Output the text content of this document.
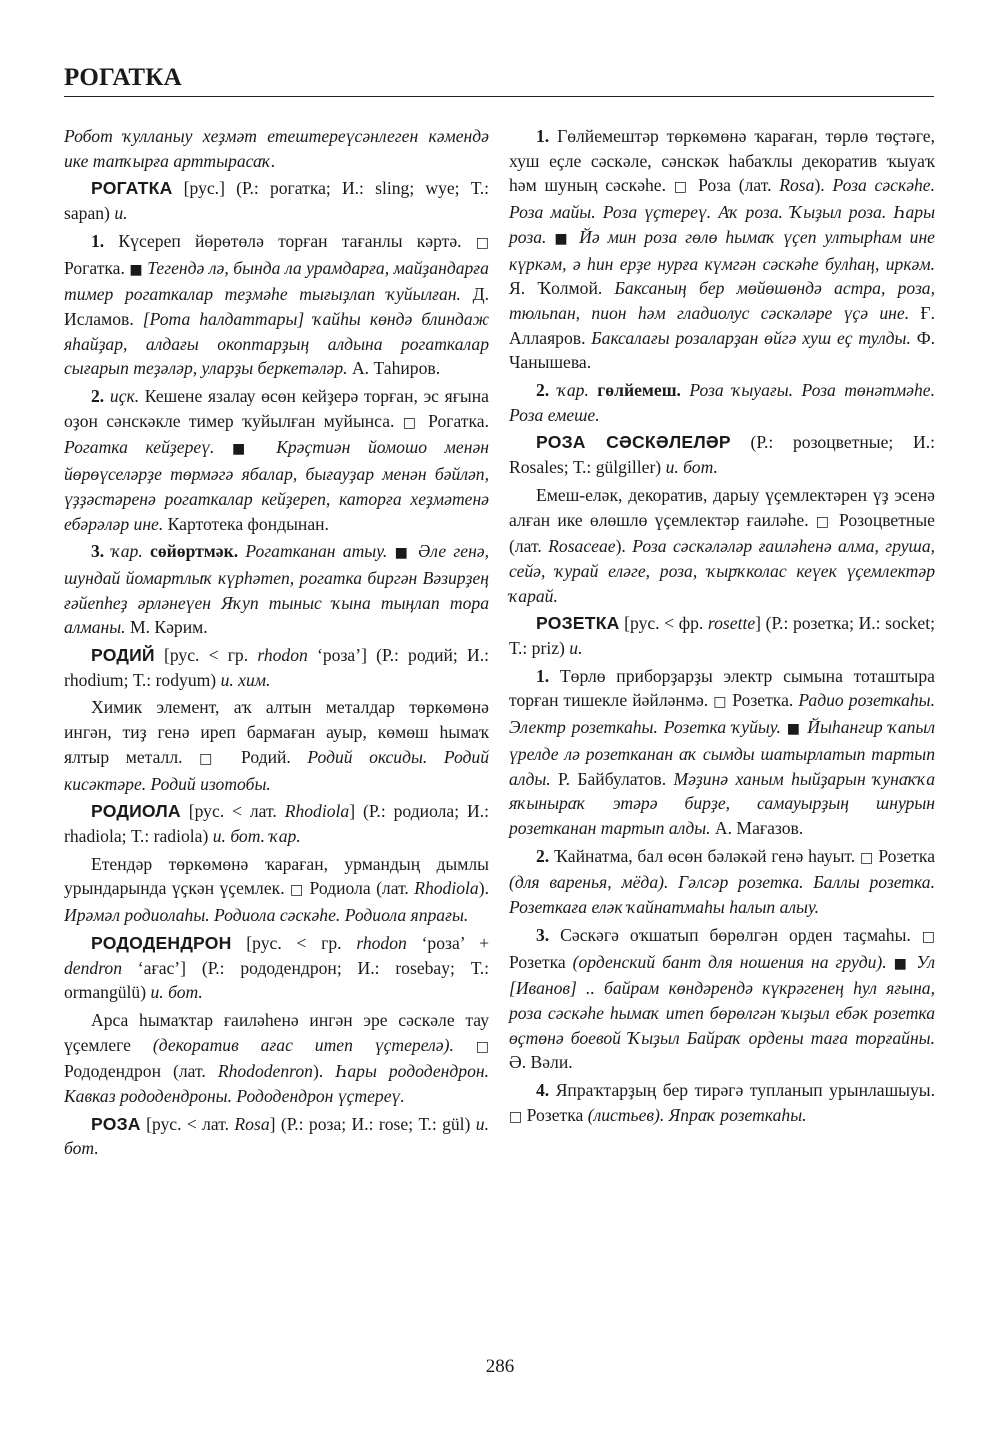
РОГАТКА

Робот ҡулланыу хеҙмәт етештереүсәнлеген кәмендә ике тапҡырға арттырасаҡ.

РОГАТКА [рус.] (Р.: рогатка; И.: sling; wye; Т.: sapan) и.

1. Күсереп йөрөтөлә торған тағанлы кәртә. □ Рогатка. ■ Тегендә лә, бында ла урамдарға, майҙандарға тимер рогаткалар теҙмәһе тығыҙлап ҡуйылған. Д. Исламов. [Рота һалдаттары] ҡайһы көндә блиндаж яһайҙар, алдағы окоптарҙың алдына рогаткалар сығарып теҙәләр, уларҙы беркетәләр. А. Таһиров.

2. иҫк. Кешене язалау өсөн кейҙерә торған, эс яғына оҙон сәнскәкле тимер ҡуйылған муйынса. □ Рогатка. Рогатка кейҙереү. ■ Крәҫтиән йомошо менән йөрөүселәрҙе төрмәгә ябалар, бығауҙар менән бәйләп, үҙҙәстәренә рогаткалар кейҙереп, каторға хеҙмәтенә ебәрәләр ине. Картотека фондынан.

3. ҡар. сөйөртмәк. Рогатканан атыу. ■ Әле генә, шундай йомартлыҡ күрһәтеп, рогатка биргән Вәзирҙең ғәйепһеҙ әрләнеүен Яҡуп тыныс ҡына тыңлап тора алманы. М. Кәрим.

РОДИЙ [рус. < гр. rhodon ‘роза’] (Р.: родий; И.: rhodium; Т.: rodyum) и. хим.

Химик элемент, аҡ алтын металдар төркөмөнә ингән, тиҙ генә иреп бармаған ауыр, көмөш һымаҡ ялтыр металл. □ Родий. Родий оксиды. Родий кисәктәре. Родий изотобы.

РОДИОЛА [рус. < лат. Rhodiola] (Р.: родиола; И.: rhadiola; Т.: radiola) и. бот. ҡар.

Етендәр төркөмөнә ҡараған, урмандың дымлы урындарында үҫкән үҫемлек. □ Родиола (лат. Rhodiola). Ирәмәл родиолаһы. Родиола сәскәһе. Родиола япрағы.

РОДОДЕНДРОН [рус. < гр. rhodon ‘роза’ + dendron ‘ағас’] (Р.: рододендрон; И.: rosebay; Т.: ormangülü) и. бот.

Арса һымаҡтар ғаиләһенә ингән эре сәскәле тау үҫемлеге (декоратив ағас итеп үҫтерелә). □ Рододендрон (лат. Rhododenron). Һары рододендрон. Кавказ рододендроны. Рододендрон үҫтереү.

РОЗА [рус. < лат. Rosa] (Р.: роза; И.: rose; Т.: gül) и. бот.

1. Гөлйемештәр төркөмөнә ҡараған, төрлө төҫтәге, хуш еҫле сәскәле, сәнскәк һабаҡлы декоратив ҡыуаҡ һәм шуның сәскәһе. □ Роза (лат. Rosa). Роза сәскәһе. Роза майы. Роза үҫтереү. Аҡ роза. Ҡыҙыл роза. Һары роза. ■ Йә мин роза гөлө һымаҡ үҫеп ултырһам ине күркәм, ә һин ерҙе нурға күмгән сәскәһе булһаң, иркәм. Я. Ҡолмой. Баксаның бер мөйөшөндә астра, роза, тюльпан, пион һәм гладиолус сәскәләре үҫә ине. Ғ. Аллаяров. Баксалағы розаларҙан өйгә хуш еҫ тулды. Ф. Чанышева.

2. ҡар. гөлйемеш. Роза ҡыуағы. Роза төнәтмәһе. Роза емеше.

РОЗА СӘСКӘЛЕЛӘР (Р.: розоцветные; И.: Rosales; Т.: gülgiller) и. бот.

Емеш-еләк, декоратив, дарыу үҫемлектәрен үҙ эсенә алған ике өлөшлө үҫемлектәр ғаиләһе. □ Розоцветные (лат. Rosaceae). Роза сәскәләләр ғаиләһенә алма, груша, сейә, ҡурай еләге, роза, ҡырҡколас кеүек үҫемлектәр ҡарай.

РОЗЕТКА [рус. < фр. rosette] (Р.: розетка; И.: socket; Т.: priz) и.

1. Төрлө приборҙарҙы электр сымына тоташтыра торған тишекле йәйләнмә. □ Розетка. Радио розеткаһы. Электр розеткаһы. Розетка ҡуйыу. ■ Йыһангир ҡапыл үрелде лә розетканан аҡ сымды шатырлатып тартып алды. Р. Байбулатов. Мәҙинә ханым һыйҙарын ҡунаҡҡа яҡыныраҡ этәрә бирҙе, самауырҙың шнурын розетканан тартып алды. А. Мағазов.

2. Ҡайнатма, бал өсөн бәләкәй генә һауыт. □ Розетка (для варенья, мёда). Гәлсәр розетка. Баллы розетка. Розеткаға еләк ҡайнатмаһы һалып алыу.

3. Сәскәгә оҡшатып бөрөлгән орден таҫмаһы. □ Розетка (орденский бант для ношения на груди). ■ Ул [Иванов] .. байрам көндәрендә күкрәгенең һул яғына, роза сәскәһе һымаҡ итеп бөрөлгән ҡыҙыл ебәк розетка өҫтөнә боевой Ҡыҙыл Байраҡ ордены таға торғайны. Ә. Вәли.

4. Япраҡтарҙың бер тирәгә тупланып урынлашыуы. □ Розетка (листьев). Япраҡ розеткаһы.

286
